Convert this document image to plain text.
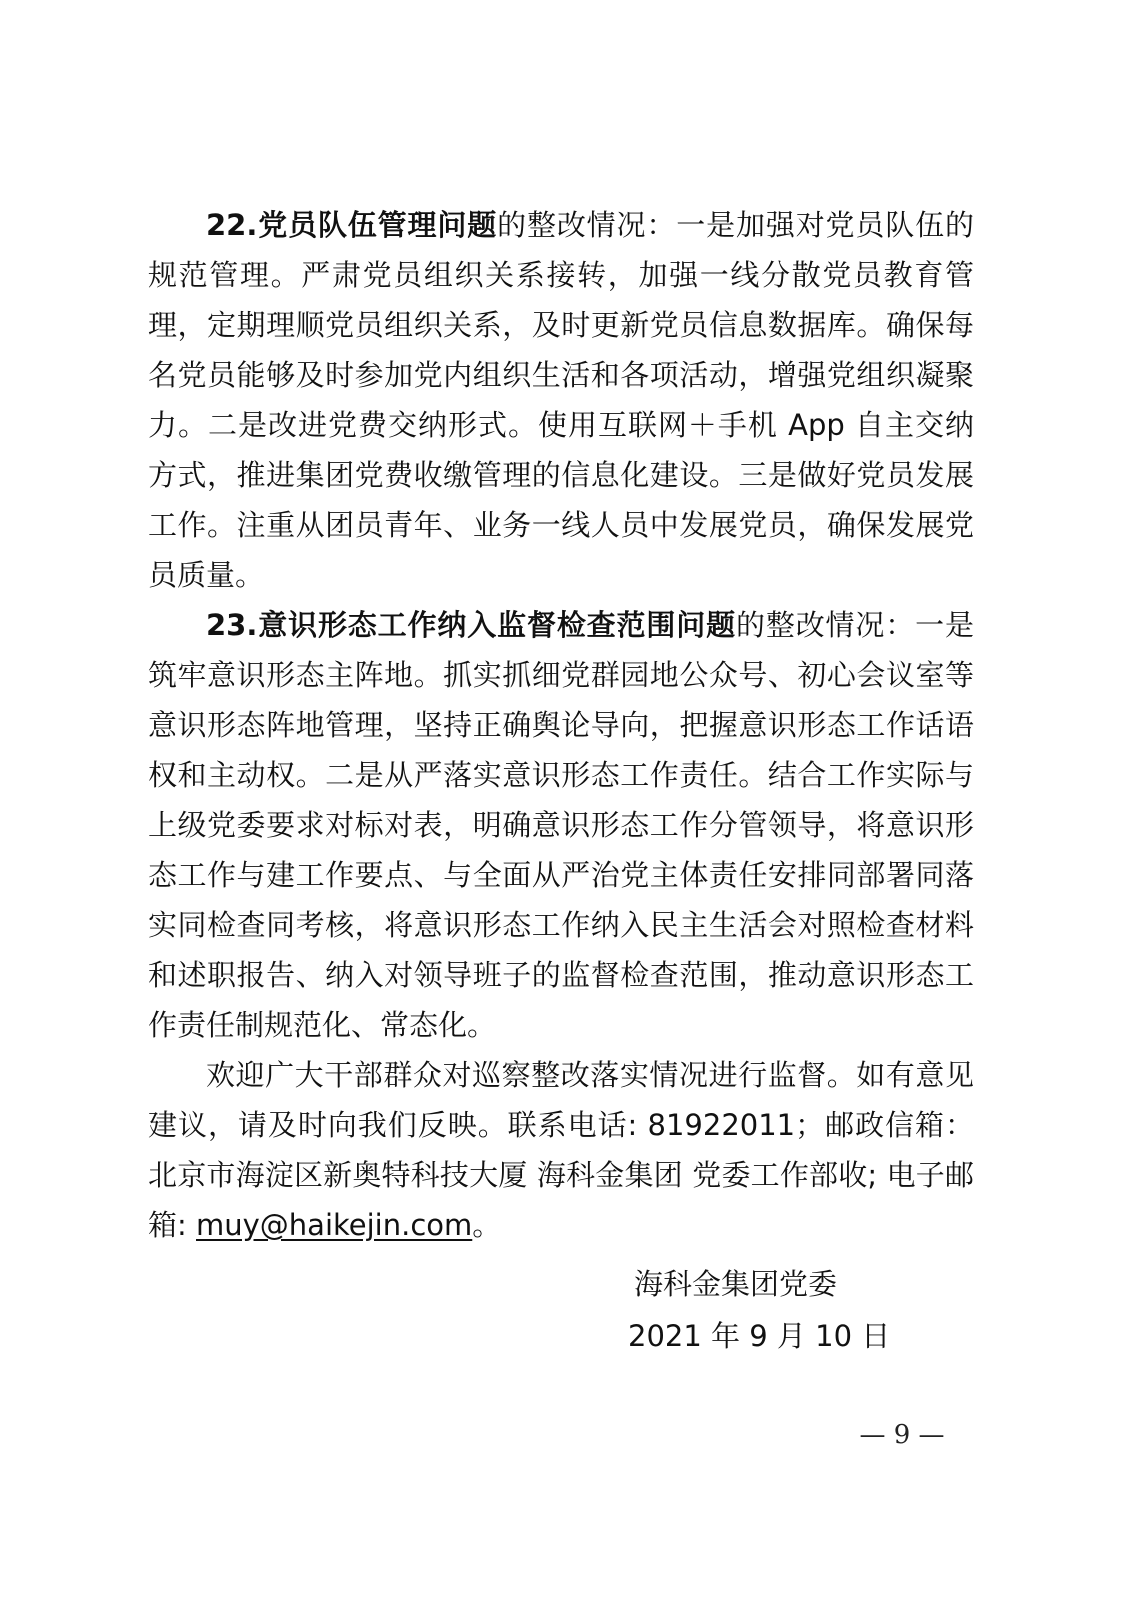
22.党员队伍管理问题的整改情况：一是加强对党员队伍的规范管理。严肃党员组织关系接转，加强一线分散党员教育管理，定期理顺党员组织关系，及时更新党员信息数据库。确保每名党员能够及时参加党内组织生活和各项活动，增强党组织凝聚力。二是改进党费交纳形式。使用互联网＋手机 App 自主交纳方式，推进集团党费收缴管理的信息化建设。三是做好党员发展工作。注重从团员青年、业务一线人员中发展党员，确保发展党员质量。

23.意识形态工作纳入监督检查范围问题的整改情况：一是筑牢意识形态主阵地。抓实抓细党群园地公众号、初心会议室等意识形态阵地管理，坚持正确舆论导向，把握意识形态工作话语权和主动权。二是从严落实意识形态工作责任。结合工作实际与上级党委要求对标对表，明确意识形态工作分管领导，将意识形态工作与建工作要点、与全面从严治党主体责任安排同部署同落实同检查同考核，将意识形态工作纳入民主生活会对照检查材料和述职报告、纳入对领导班子的监督检查范围，推动意识形态工作责任制规范化、常态化。

欢迎广大干部群众对巡察整改落实情况进行监督。如有意见建议，请及时向我们反映。联系电话: 81922011；邮政信箱：北京市海淀区新奥特科技大厦 海科金集团 党委工作部收; 电子邮箱: muy@haikejin.com。

海科金集团党委
2021 年 9 月 10 日
— 9 —
